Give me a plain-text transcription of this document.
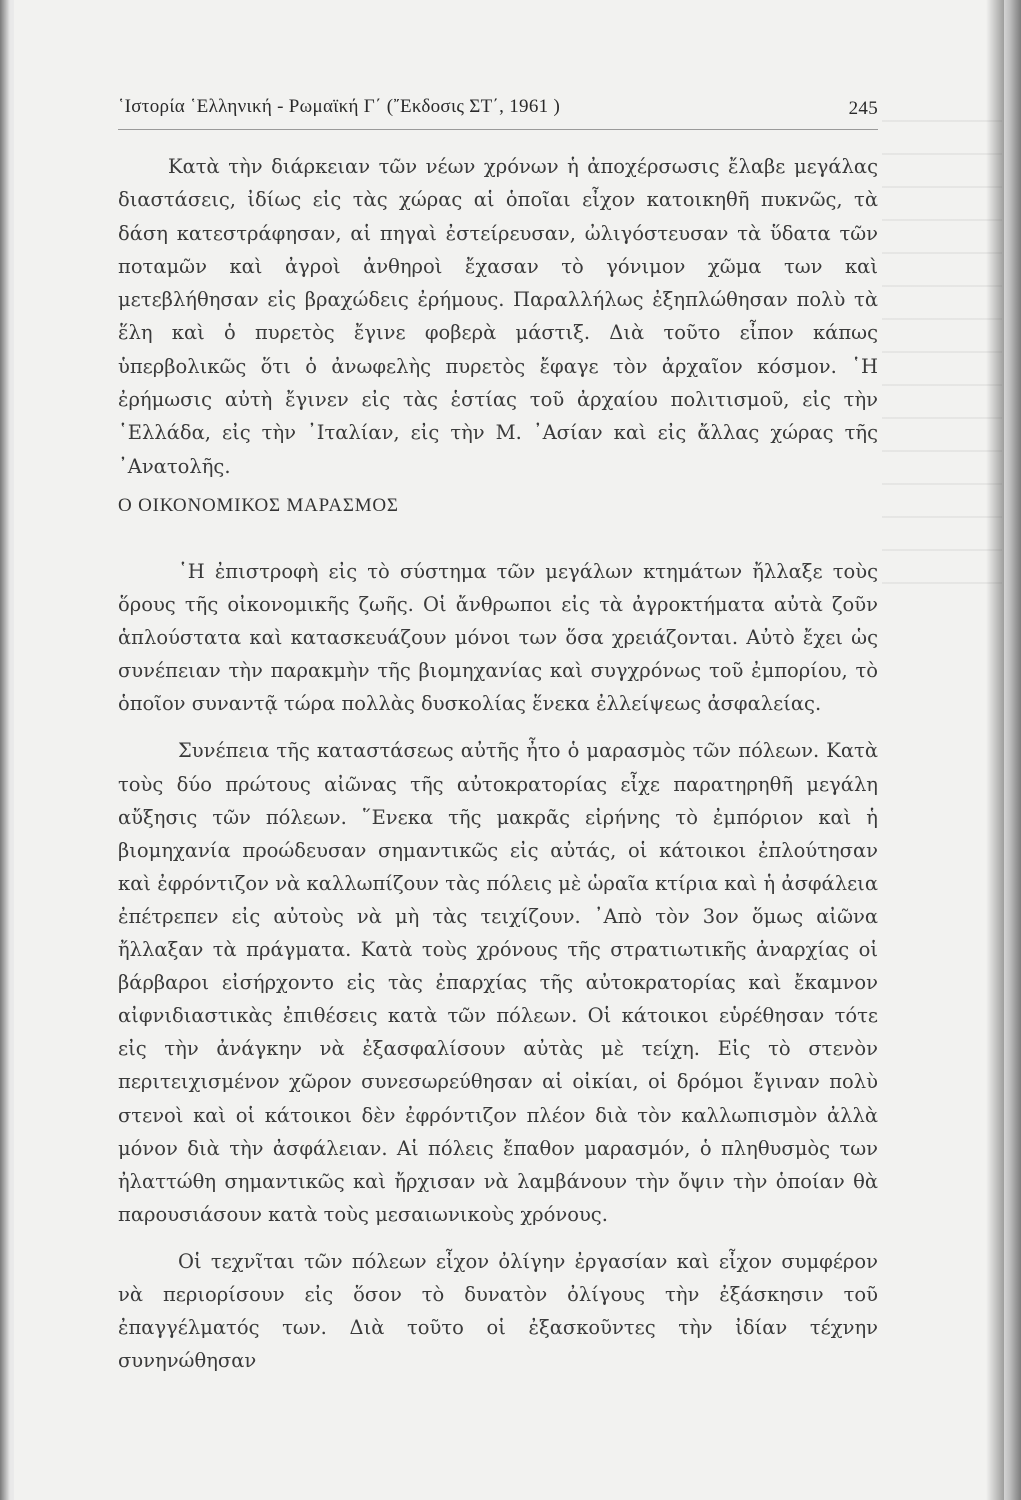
῾Ιστορία ῾Ελληνική - Ρωμαϊκή Γ΄ (῎Εκδοσις ΣΤ΄, 1961 )	245

Κατὰ τὴν διάρκειαν τῶν νέων χρόνων ἡ ἀποχέρσωσις ἔλαβε μεγάλας διαστάσεις, ἰδίως εἰς τὰς χώρας αἱ ὁποῖαι εἶχον κατοικηθῆ πυκνῶς, τὰ δάση κατεστράφησαν, αἱ πηγαὶ ἐστείρευσαν, ὠλιγόστευσαν τὰ ὕδατα τῶν ποταμῶν καὶ ἀγροὶ ἀνθηροὶ ἔχασαν τὸ γόνιμον χῶμα των καὶ μετεβλήθησαν εἰς βραχώδεις ἐρήμους. Παραλλήλως ἐξηπλώθησαν πολὺ τὰ ἕλη καὶ ὁ πυρετὸς ἔγινε φοβερὰ μάστιξ. Διὰ τοῦτο εἶπον κάπως ὑπερβολικῶς ὅτι ὁ ἀνωφελὴς πυρετὸς ἔφαγε τὸν ἀρχαῖον κόσμον. ῾Η ἐρήμωσις αὐτὴ ἔγινεν εἰς τὰς ἑστίας τοῦ ἀρχαίου πολιτισμοῦ, εἰς τὴν ῾Ελλάδα, εἰς τὴν ᾿Ιταλίαν, εἰς τὴν Μ. ᾿Ασίαν καὶ εἰς ἄλλας χώρας τῆς ᾿Ανατολῆς.

Ο ΟΙΚΟΝΟΜΙΚΟΣ ΜΑΡΑΣΜΟΣ

῾Η ἐπιστροφὴ εἰς τὸ σύστημα τῶν μεγάλων κτημάτων ἤλλαξε τοὺς ὅρους τῆς οἰκονομικῆς ζωῆς. Οἱ ἄνθρωποι εἰς τὰ ἀγροκτήματα αὐτὰ ζοῦν ἁπλούστατα καὶ κατασκευάζουν μόνοι των ὅσα χρειάζονται. Αὐτὸ ἔχει ὡς συνέπειαν τὴν παρακμὴν τῆς βιομηχανίας καὶ συγχρόνως τοῦ ἐμπορίου, τὸ ὁποῖον συναντᾷ τώρα πολλὰς δυσκολίας ἕνεκα ἐλλείψεως ἀσφαλείας.

Συνέπεια τῆς καταστάσεως αὐτῆς ἦτο ὁ μαρασμὸς τῶν πόλεων. Κατὰ τοὺς δύο πρώτους αἰῶνας τῆς αὐτοκρατορίας εἶχε παρατηρηθῆ μεγάλη αὔξησις τῶν πόλεων. ῞Ενεκα τῆς μακρᾶς εἰρήνης τὸ ἐμπόριον καὶ ἡ βιομηχανία προώδευσαν σημαντικῶς εἰς αὐτάς, οἱ κάτοικοι ἐπλούτησαν καὶ ἐφρόντιζον νὰ καλλωπίζουν τὰς πόλεις μὲ ὡραῖα κτίρια καὶ ἡ ἀσφάλεια ἐπέτρεπεν εἰς αὐτοὺς νὰ μὴ τὰς τειχίζουν. ᾿Απὸ τὸν 3ον ὅμως αἰῶνα ἤλλαξαν τὰ πράγματα. Κατὰ τοὺς χρόνους τῆς στρατιωτικῆς ἀναρχίας οἱ βάρβαροι εἰσήρχοντο εἰς τὰς ἐπαρχίας τῆς αὐτοκρατορίας καὶ ἔκαμνον αἰφνιδιαστικὰς ἐπιθέσεις κατὰ τῶν πόλεων. Οἱ κάτοικοι εὑρέθησαν τότε εἰς τὴν ἀνάγκην νὰ ἐξασφαλίσουν αὐτὰς μὲ τείχη. Εἰς τὸ στενὸν περιτειχισμένον χῶρον συνεσωρεύθησαν αἱ οἰκίαι, οἱ δρόμοι ἔγιναν πολὺ στενοὶ καὶ οἱ κάτοικοι δὲν ἐφρόντιζον πλέον διὰ τὸν καλλωπισμὸν ἀλλὰ μόνον διὰ τὴν ἀσφάλειαν. Αἱ πόλεις ἔπαθον μαρασμόν, ὁ πληθυσμὸς των ἠλαττώθη σημαντικῶς καὶ ἤρχισαν νὰ λαμβάνουν τὴν ὄψιν τὴν ὁποίαν θὰ παρουσιάσουν κατὰ τοὺς μεσαιωνικοὺς χρόνους.

Οἱ τεχνῖται τῶν πόλεων εἶχον ὀλίγην ἐργασίαν καὶ εἶχον συμφέρον νὰ περιορίσουν εἰς ὅσον τὸ δυνατὸν ὀλίγους τὴν ἐξάσκησιν τοῦ ἐπαγγέλματός των. Διὰ τοῦτο οἱ ἐξασκοῦντες τὴν ἰδίαν τέχνην συνηνώθησαν
